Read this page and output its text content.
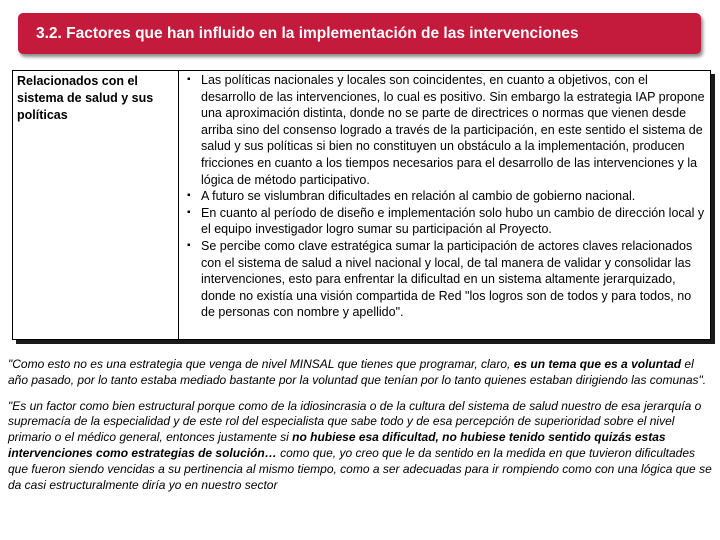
3.2. Factores que han influido en la implementación de las intervenciones
Relacionados con el sistema de salud y sus políticas
▪ Las políticas nacionales y locales son coincidentes, en cuanto a objetivos, con el desarrollo de las intervenciones, lo cual es positivo. Sin embargo la estrategia IAP propone una aproximación distinta, donde no se parte de directrices o normas que vienen desde arriba sino del consenso logrado a través de la participación, en este sentido el sistema de salud y sus políticas si bien no constituyen un obstáculo a la implementación, producen fricciones en cuanto a los tiempos necesarios para el desarrollo de las intervenciones y la lógica de método participativo.
▪ A futuro se vislumbran dificultades en relación al cambio de gobierno nacional.
▪ En cuanto al período de diseño e implementación solo hubo un cambio de dirección local y el equipo investigador logro sumar su participación al Proyecto.
▪ Se percibe como clave estratégica sumar la participación de actores claves relacionados con el sistema de salud a nivel nacional y local, de tal manera de validar y consolidar las intervenciones, esto para enfrentar la dificultad en un sistema altamente jerarquizado, donde no existía una visión compartida de Red "los logros son de todos y para todos, no de personas con nombre y apellido".

"Como esto no es una estrategia que venga de nivel MINSAL que tienes que programar, claro, es un tema que es a voluntad el año pasado, por lo tanto estaba mediado bastante por la voluntad que tenían por lo tanto quienes estaban dirigiendo las comunas".

"Es un factor como bien estructural porque como de la idiosincrasia o de la cultura del sistema de salud nuestro de esa jerarquía o supremacía de la especialidad y de este rol del especialista que sabe todo y de esa percepción de superioridad sobre el nivel primario o el médico general, entonces justamente si no hubiese esa dificultad, no hubiese tenido sentido quizás estas intervenciones como estrategias de solución… como que, yo creo que le da sentido en la medida en que tuvieron dificultades que fueron siendo vencidas a su pertinencia al mismo tiempo, como a ser adecuadas para ir rompiendo como con una lógica que se da casi estructuralmente diría yo en nuestro sector
